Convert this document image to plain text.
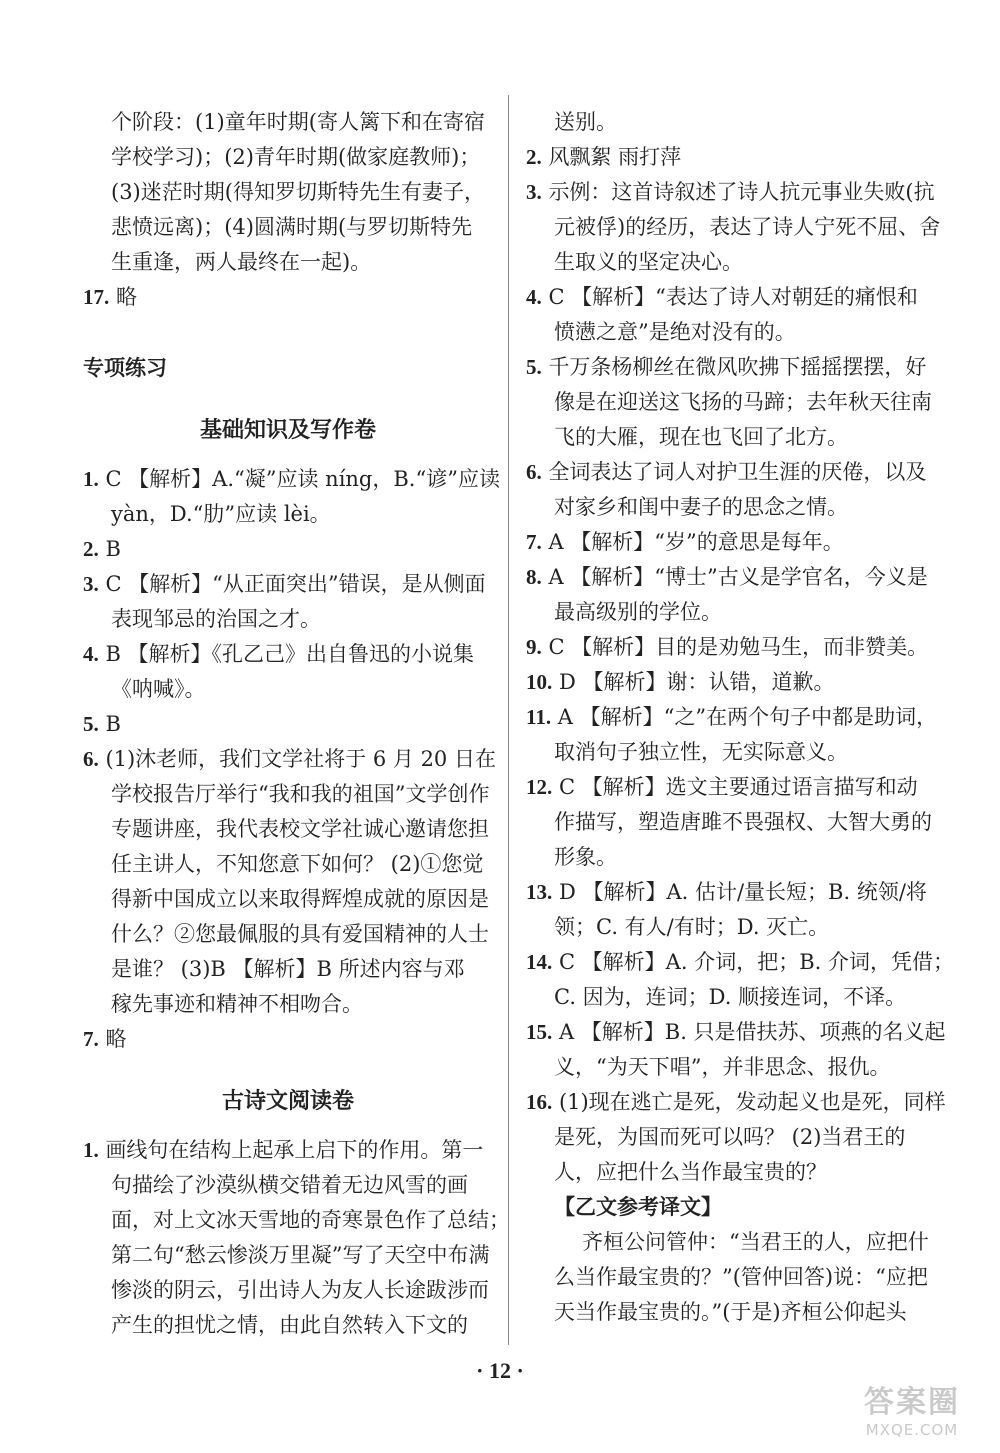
个阶段：(1)童年时期(寄人篱下和在寄宿
学校学习)；(2)青年时期(做家庭教师)；
(3)迷茫时期(得知罗切斯特先生有妻子，
悲愤远离)；(4)圆满时期(与罗切斯特先
生重逢，两人最终在一起)。
17. 略
专项练习
基础知识及写作卷
1. C 【解析】A.“凝”应读 níng，B.“谚”应读
yàn，D.“肋”应读 lèi。
2. B
3. C 【解析】“从正面突出”错误，是从侧面
表现邹忌的治国之才。
4. B 【解析】《孔乙己》出自鲁迅的小说集
《呐喊》。
5. B
6. (1)沐老师，我们文学社将于 6 月 20 日在
学校报告厅举行“我和我的祖国”文学创作
专题讲座，我代表校文学社诚心邀请您担
任主讲人，不知您意下如何？ (2)①您觉
得新中国成立以来取得辉煌成就的原因是
什么？②您最佩服的具有爱国精神的人士
是谁？ (3)B 【解析】B 所述内容与邓
稼先事迹和精神不相吻合。
7. 略
古诗文阅读卷
1. 画线句在结构上起承上启下的作用。第一
句描绘了沙漠纵横交错着无边风雪的画
面，对上文冰天雪地的奇寒景色作了总结；
第二句“愁云惨淡万里凝”写了天空中布满
惨淡的阴云，引出诗人为友人长途跋涉而
产生的担忧之情，由此自然转入下文的
送别。
2. 风飘絮 雨打萍
3. 示例：这首诗叙述了诗人抗元事业失败(抗
元被俘)的经历，表达了诗人宁死不屈、舍
生取义的坚定决心。
4. C 【解析】“表达了诗人对朝廷的痛恨和
愤懑之意”是绝对没有的。
5. 千万条杨柳丝在微风吹拂下摇摇摆摆，好
像是在迎送这飞扬的马蹄；去年秋天往南
飞的大雁，现在也飞回了北方。
6. 全词表达了词人对护卫生涯的厌倦，以及
对家乡和闺中妻子的思念之情。
7. A 【解析】“岁”的意思是每年。
8. A 【解析】“博士”古义是学官名，今义是
最高级别的学位。
9. C 【解析】目的是劝勉马生，而非赞美。
10. D 【解析】谢：认错，道歉。
11. A 【解析】“之”在两个句子中都是助词，
取消句子独立性，无实际意义。
12. C 【解析】选文主要通过语言描写和动
作描写，塑造唐雎不畏强权、大智大勇的
形象。
13. D 【解析】A. 估计/量长短；B. 统领/将
领；C. 有人/有时；D. 灭亡。
14. C 【解析】A. 介词，把；B. 介词，凭借；
C. 因为，连词；D. 顺接连词，不译。
15. A 【解析】B. 只是借扶苏、项燕的名义起
义，“为天下唱”，并非思念、报仇。
16. (1)现在逃亡是死，发动起义也是死，同样
是死，为国而死可以吗？ (2)当君王的
人，应把什么当作最宝贵的？
【乙文参考译文】
齐桓公问管仲：“当君王的人，应把什
么当作最宝贵的？”(管仲回答)说：“应把
天当作最宝贵的。”(于是)齐桓公仰起头
· 12 ·
答案圈
MXQE.COM
